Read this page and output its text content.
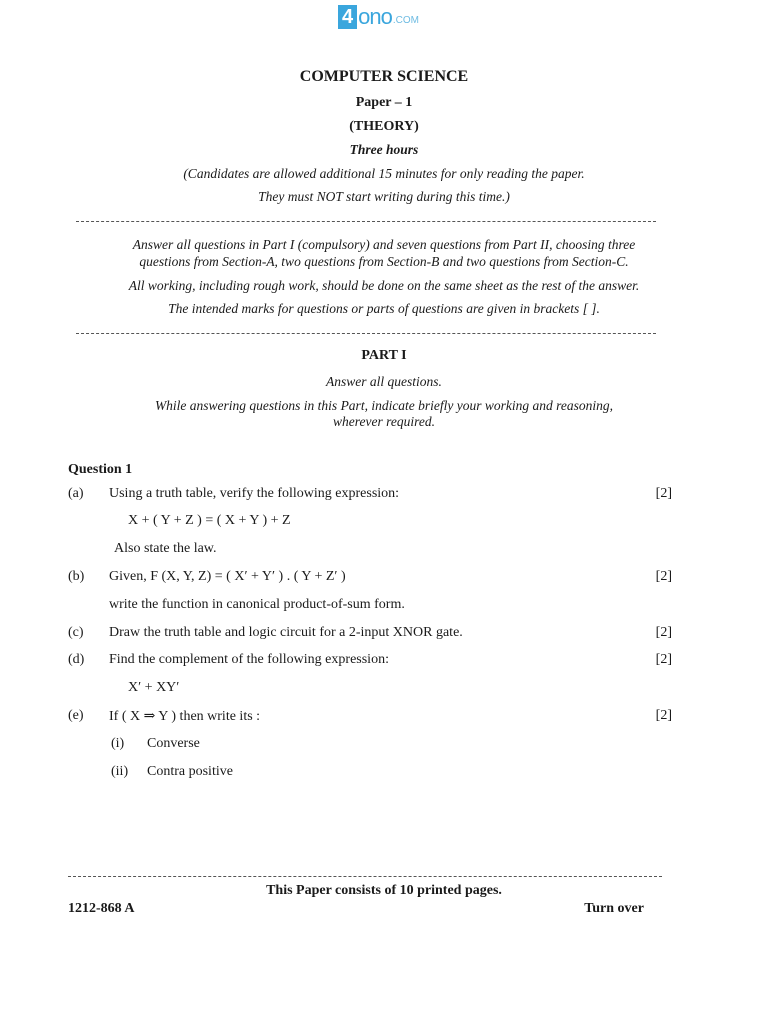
4 ono .COM
COMPUTER SCIENCE
Paper – 1
(THEORY)
Three hours
(Candidates are allowed additional 15 minutes for only reading the paper.
They must NOT start writing during this time.)
Answer all questions in Part I (compulsory) and seven questions from Part II, choosing three
questions from Section-A, two questions from Section-B and two questions from Section-C.
All working, including rough work, should be done on the same sheet as the rest of the answer.
The intended marks for questions or parts of questions are given in brackets [ ].
PART I
Answer all questions.
While answering questions in this Part, indicate briefly your working and reasoning,
wherever required.
Question 1
(a) Using a truth table, verify the following expression:	[2]
X + ( Y + Z ) = ( X + Y ) + Z
Also state the law.
(b) Given, F (X, Y, Z) = ( X′ + Y′ ) . ( Y + Z′ )	[2]
write the function in canonical product-of-sum form.
(c) Draw the truth table and logic circuit for a 2-input XNOR gate.	[2]
(d) Find the complement of the following expression:	[2]
X′ + XY′
(e) If ( X ⇒ Y ) then write its :	[2]
(i) Converse
(ii) Contra positive
This Paper consists of 10 printed pages.
1212-868 A	Turn over
